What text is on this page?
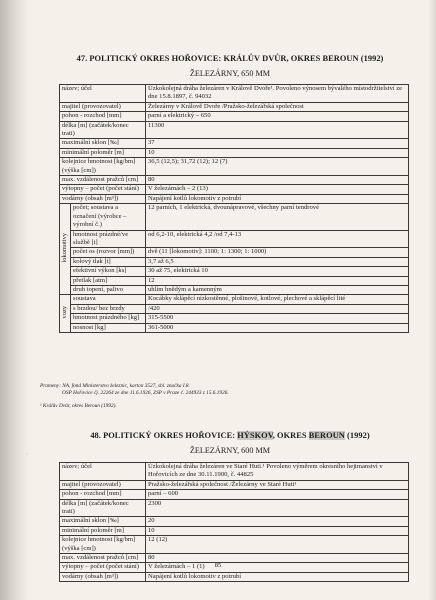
47. POLITICKÝ OKRES HOŘOVICE: KRÁLŮV DVŮR, OKRES BEROUN (1992)
ŽELEZÁRNY, 650 MM
název; účel		Úzkokolejná dráha železáren v Králově Dvoře¹. Povoleno výnosem bývalého místodržitelství ze dne 15.8.1897, č. 94032
majitel (provozovatel)		Železárny v Králově Dvoře /Pražsko-železářská společnost
pohon - rozchod [mm]		parní a elektrický – 650
délka [m] (začátek/konec trati)		11300
maximální sklon [‰]		37
minimální poloměr [m]		10
kolejnice hmotnost [kg/bm] (výška [cm])		36,5 (12,5); 31,72 (12); 12 (7)
max. vzdálenost pražců [cm]		80
výtopny – počet (počet stání)		V železárnách – 2 (13)
vodárny (obsah [m³])		Napájení kotlů lokomotiv z potrubí
lokomotivy	počet; soustava a označení (výrobce – výrobní č.)	12 parních, 1 elektrická, dvounápravové, všechny parní tendrové
	hmotnost prázdné/ve službě [t]	od 6,2-10, elektrická 4,2 /od 7,4-13
	počet os (rozvor [mm])	dvě (11 [lokomotiv]: 1100; 1: 1300; 1: 1000)
	kolový tlak [t]	3,7 až 6,5
	efektivní výkon [ks]	30 až 75, elektrická 10
	přetlak [atm]	12
	druh topení, palivo	uhlím hnědým a kamenným
vozy	soustava	Kocábky sklápěcí nízkostěnné, plošinové, kotlové, plechové a sklápěcí lité
	s brzdou/ bez brzdy	/420
	hmotnost prázdného [kg]	315-5500
	nosnost [kg]	361-5000
Prameny: NA, fond Ministerstvo železnic, karton 3527, sbl. značka I.8.
OSP Hořovice čj. 22264 ze dne 11.6.1926, ZSP v Praze č. 244933 z 15.6.1926.
¹ Králův Dvůr, okres Beroun (1992).
48. POLITICKÝ OKRES HOŘOVICE: HÝSKOV, OKRES BEROUN (1992)
ŽELEZÁRNY, 600 MM
název; účel	Úzkokolejná dráha železáren ve Staré Huti.¹ Povoleno výměrem okresního hejtmanství v Hořovicích ze dne 30.11.1900, č. 44825
majitel (provozovatel)	Pražsko-železářská společnost /Železárny ve Staré Huti¹
pohon - rozchod [mm]	parní – 600
délka [m] (začátek/konec trati)	2300
maximální sklon [‰]	20
minimální poloměr [m]	10
kolejnice hmotnost [kg/bm] (výška [cm])	12 (12)
max. vzdálenost pražců [cm]	80
výtopny – počet (počet stání)	V železárnách – 1 (1)
vodárny (obsah [m³])	Napájení kotlů lokomotiv z potrubí
·
85
